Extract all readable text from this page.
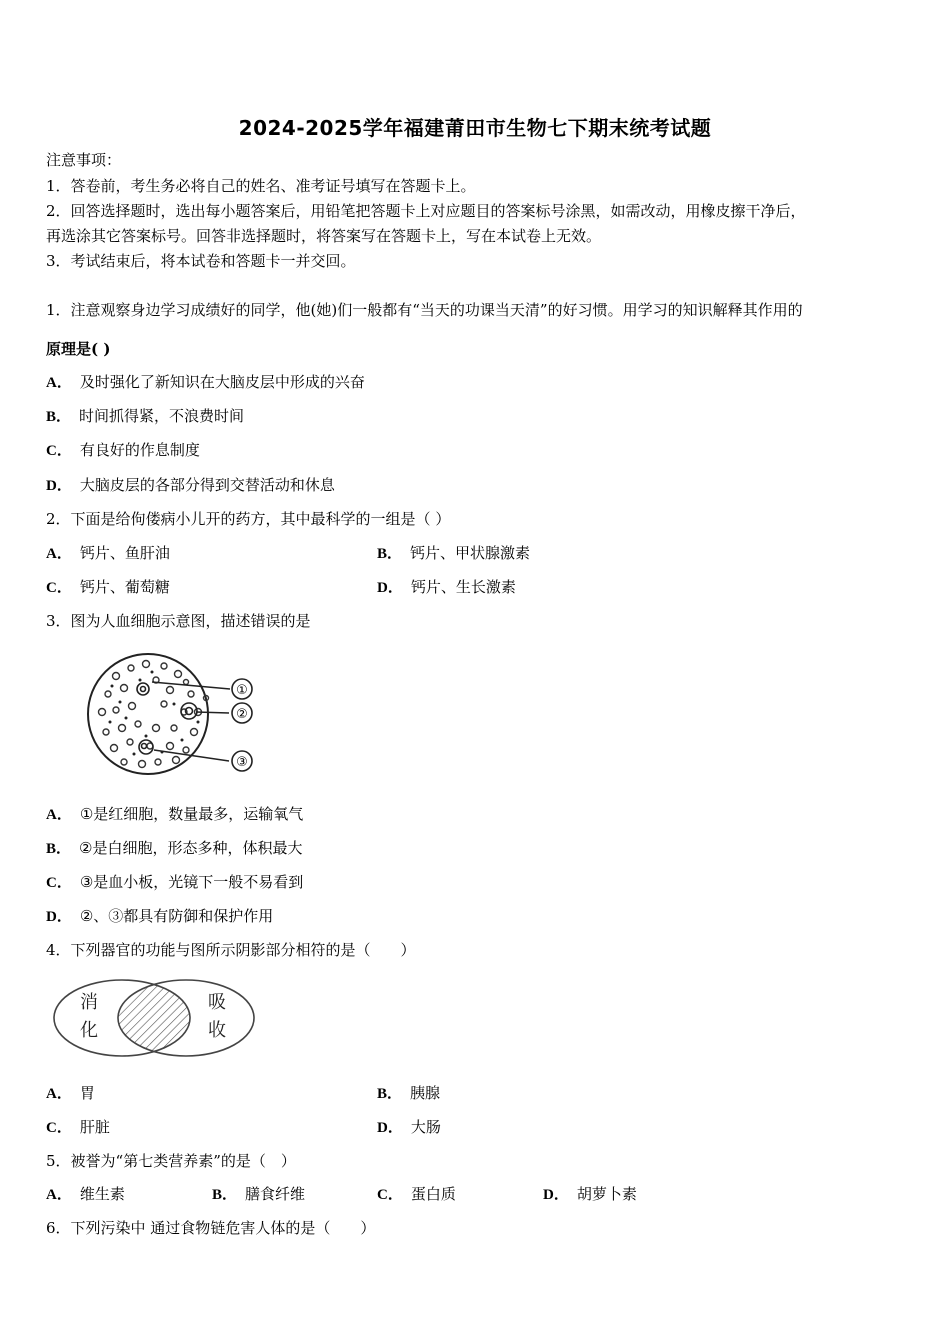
2024-2025学年福建莆田市生物七下期末统考试题
注意事项：
1．答卷前，考生务必将自己的姓名、准考证号填写在答题卡上。
2．回答选择题时，选出每小题答案后，用铅笔把答题卡上对应题目的答案标号涂黑，如需改动，用橡皮擦干净后，
再选涂其它答案标号。回答非选择题时，将答案写在答题卡上，写在本试卷上无效。
3．考试结束后，将本试卷和答题卡一并交回。
1．注意观察身边学习成绩好的同学，他(她)们一般都有“当天的功课当天清”的好习惯。用学习的知识解释其作用的
原理是( )
A． 及时强化了新知识在大脑皮层中形成的兴奋
B． 时间抓得紧，不浪费时间
C． 有良好的作息制度
D． 大脑皮层的各部分得到交替活动和休息
2．下面是给佝偻病小儿开的药方，其中最科学的一组是（ ）
A． 钙片、鱼肝油	B． 钙片、甲状腺激素
C． 钙片、葡萄糖	D． 钙片、生长激素
3．图为人血细胞示意图，描述错误的是
①
②
③
A． ①是红细胞，数量最多，运输氧气
B． ②是白细胞，形态多种，体积最大
C． ③是血小板，光镜下一般不易看到
D． ②、③都具有防御和保护作用
4．下列器官的功能与图所示阴影部分相符的是（　　）
消
化
吸
收
A． 胃	B． 胰腺
C． 肝脏	D． 大肠
5．被誉为“第七类营养素”的是（　）
A． 维生素	B． 膳食纤维	C． 蛋白质	D． 胡萝卜素
6．下列污染中 通过食物链危害人体的是（　　）
